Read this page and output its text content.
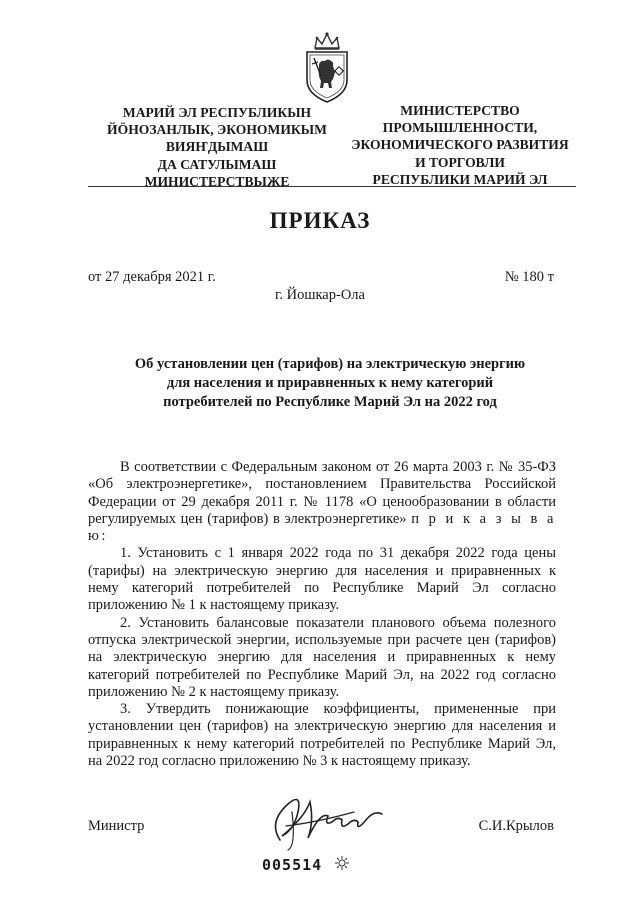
МАРИЙ ЭЛ РЕСПУБЛИКЫН
ЙӦНОЗАНЛЫК, ЭКОНОМИКЫМ
ВИЯҤДЫМАШ
ДА САТУЛЫМАШ
МИНИСТЕРСТВЫЖЕ
МИНИСТЕРСТВО
ПРОМЫШЛЕННОСТИ,
ЭКОНОМИЧЕСКОГО РАЗВИТИЯ
И ТОРГОВЛИ
РЕСПУБЛИКИ МАРИЙ ЭЛ
ПРИКАЗ
от 27 декабря 2021 г.	№ 180 т
г. Йошкар-Ола
Об установлении цен (тарифов) на электрическую энергию
для населения и приравненных к нему категорий
потребителей по Республике Марий Эл на 2022 год

В соответствии с Федеральным законом от 26 марта 2003 г. № 35-ФЗ «Об электроэнергетике», постановлением Правительства Российской Федерации от 29 декабря 2011 г. № 1178 «О ценообразовании в области регулируемых цен (тарифов) в электроэнергетике» п р и к а з ы в а ю:

1. Установить с 1 января 2022 года по 31 декабря 2022 года цены (тарифы) на электрическую энергию для населения и приравненных к нему категорий потребителей по Республике Марий Эл согласно приложению № 1 к настоящему приказу.

2. Установить балансовые показатели планового объема полезного отпуска электрической энергии, используемые при расчете цен (тарифов) на электрическую энергию для населения и приравненных к нему категорий потребителей по Республике Марий Эл, на 2022 год согласно приложению № 2 к настоящему приказу.

3. Утвердить понижающие коэффициенты, примененные при установлении цен (тарифов) на электрическую энергию для населения и приравненных к нему категорий потребителей по Республике Марий Эл, на 2022 год согласно приложению № 3 к настоящему приказу.

Министр	С.И.Крылов
005514
